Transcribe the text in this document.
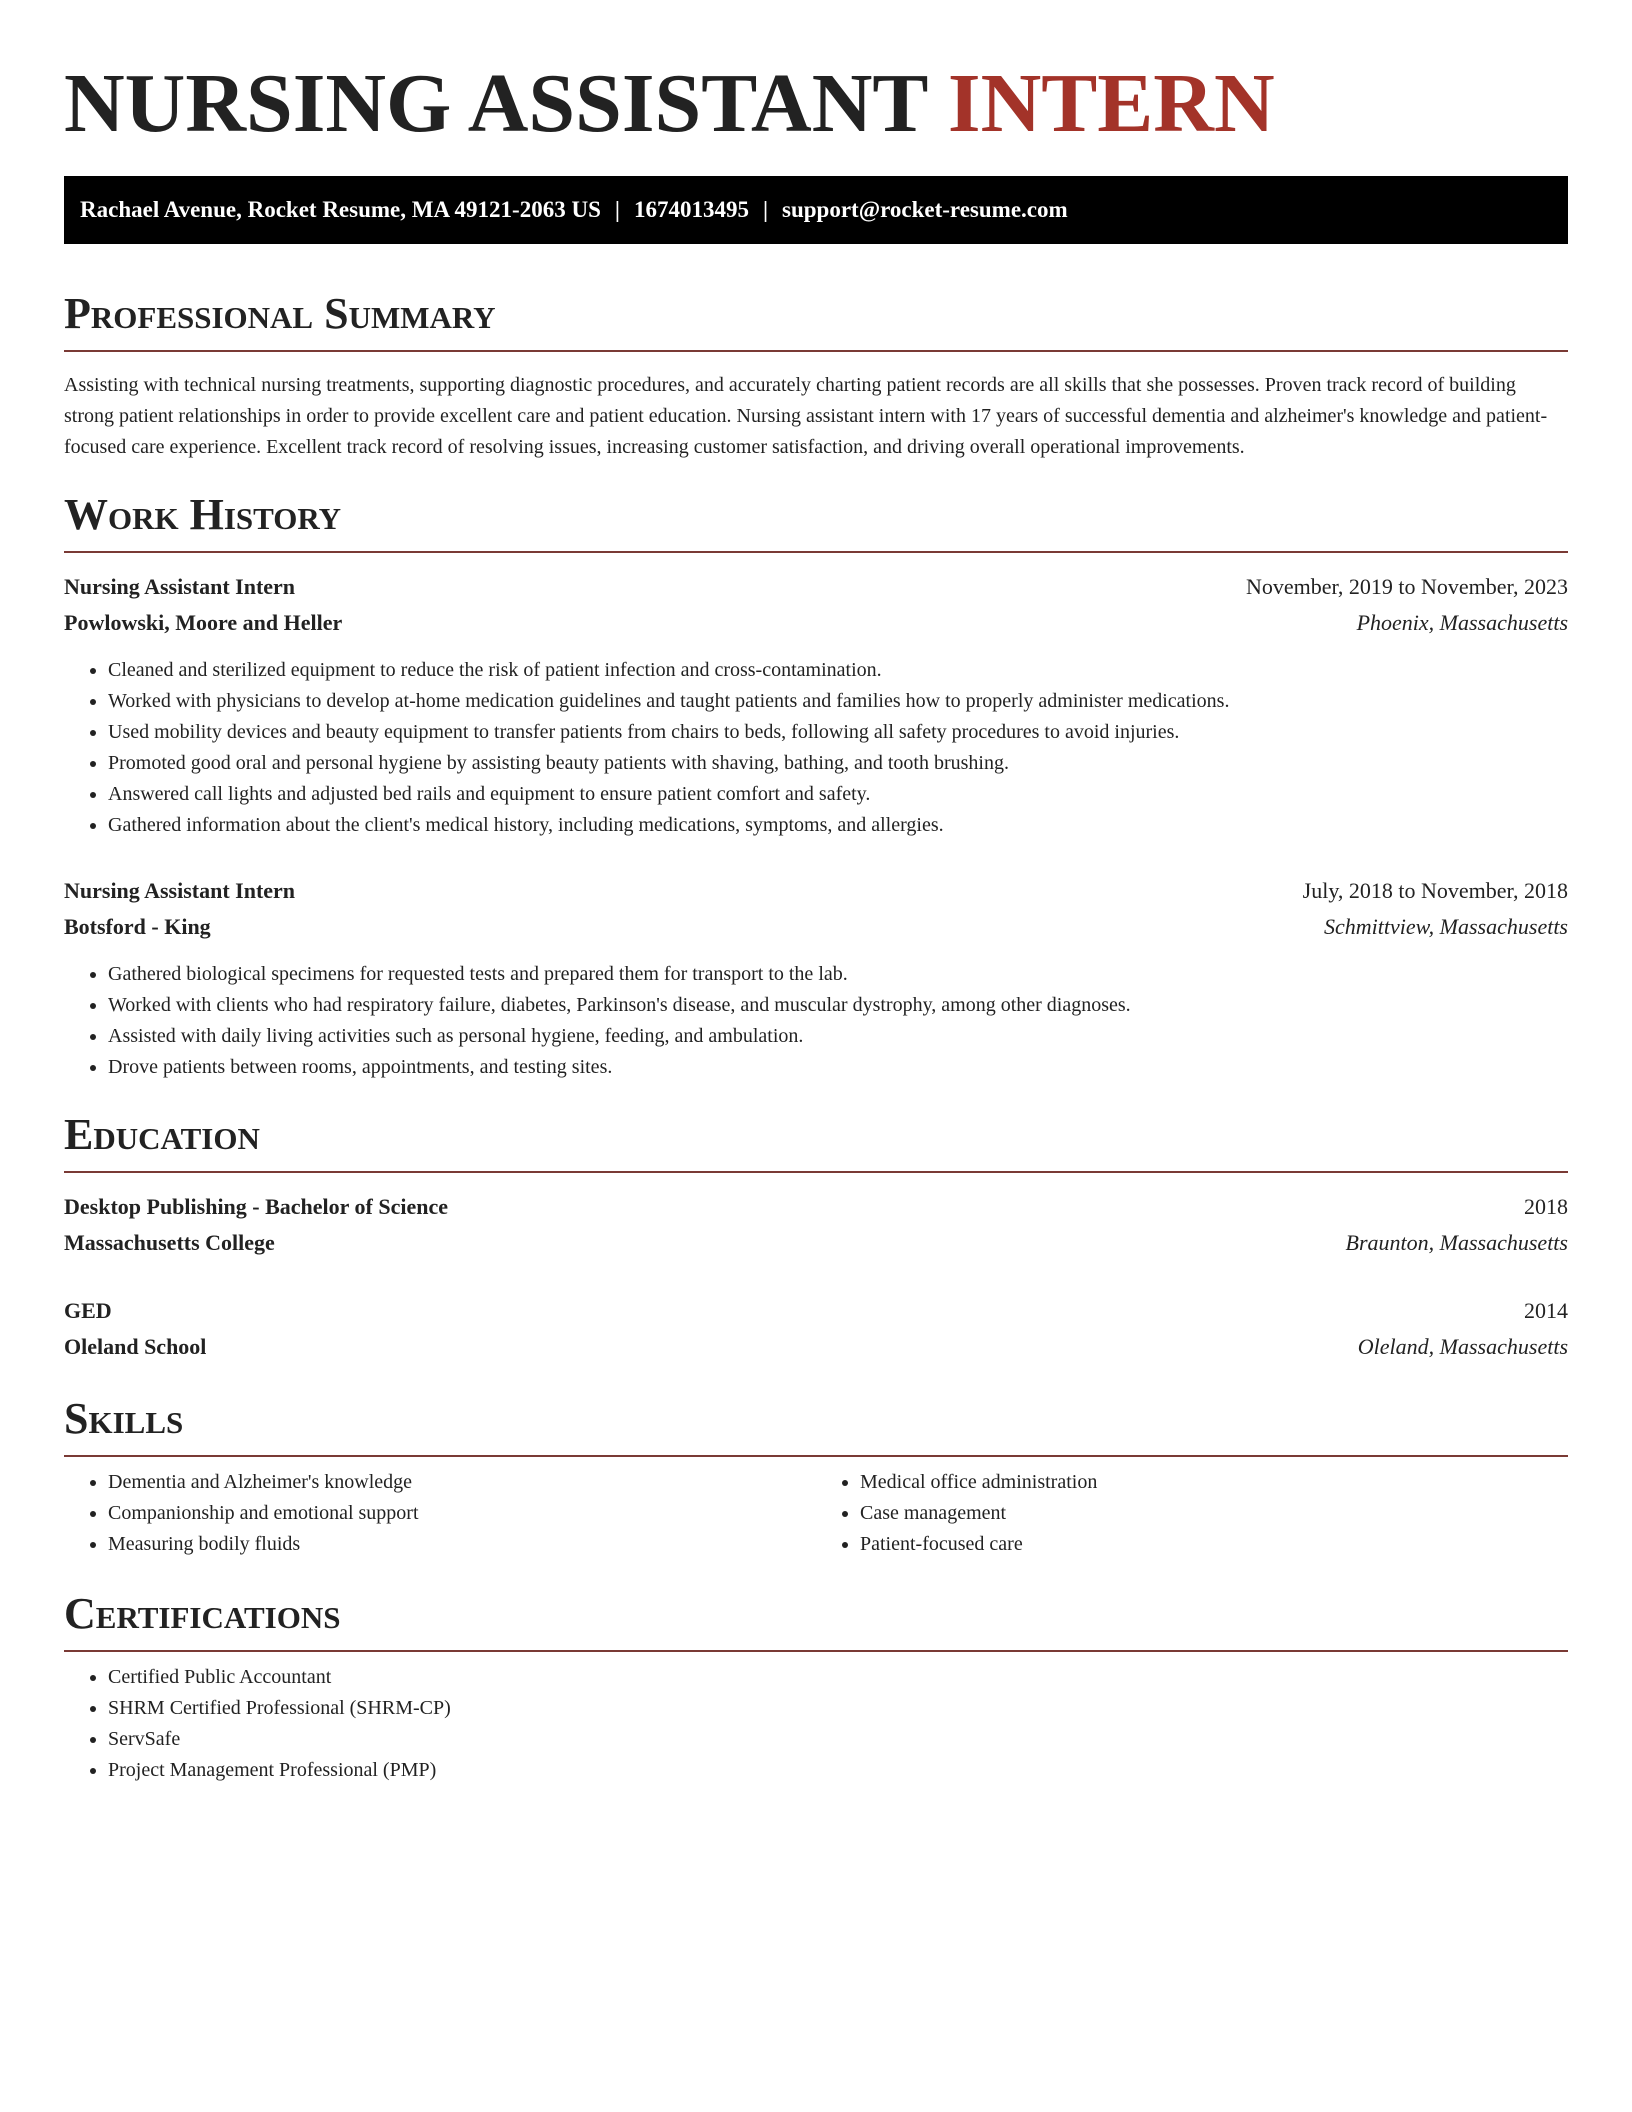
NURSING ASSISTANT INTERN
Rachael Avenue, Rocket Resume, MA 49121-2063 US | 1674013495 | support@rocket-resume.com
Professional Summary

Assisting with technical nursing treatments, supporting diagnostic procedures, and accurately charting patient records are all skills that she possesses. Proven track record of building strong patient relationships in order to provide excellent care and patient education. Nursing assistant intern with 17 years of successful dementia and alzheimer's knowledge and patient-focused care experience. Excellent track record of resolving issues, increasing customer satisfaction, and driving overall operational improvements.

Work History
Nursing Assistant Intern	November, 2019 to November, 2023
Powlowski, Moore and Heller	Phoenix, Massachusetts
• Cleaned and sterilized equipment to reduce the risk of patient infection and cross-contamination.
• Worked with physicians to develop at-home medication guidelines and taught patients and families how to properly administer medications.
• Used mobility devices and beauty equipment to transfer patients from chairs to beds, following all safety procedures to avoid injuries.
• Promoted good oral and personal hygiene by assisting beauty patients with shaving, bathing, and tooth brushing.
• Answered call lights and adjusted bed rails and equipment to ensure patient comfort and safety.
• Gathered information about the client's medical history, including medications, symptoms, and allergies.
Nursing Assistant Intern	July, 2018 to November, 2018
Botsford - King	Schmittview, Massachusetts
• Gathered biological specimens for requested tests and prepared them for transport to the lab.
• Worked with clients who had respiratory failure, diabetes, Parkinson's disease, and muscular dystrophy, among other diagnoses.
• Assisted with daily living activities such as personal hygiene, feeding, and ambulation.
• Drove patients between rooms, appointments, and testing sites.
Education
Desktop Publishing - Bachelor of Science	2018
Massachusetts College	Braunton, Massachusetts
GED	2014
Oleland School	Oleland, Massachusetts
Skills
• Dementia and Alzheimer's knowledge
• Companionship and emotional support
• Measuring bodily fluids
• Medical office administration
• Case management
• Patient-focused care
Certifications
• Certified Public Accountant
• SHRM Certified Professional (SHRM-CP)
• ServSafe
• Project Management Professional (PMP)
